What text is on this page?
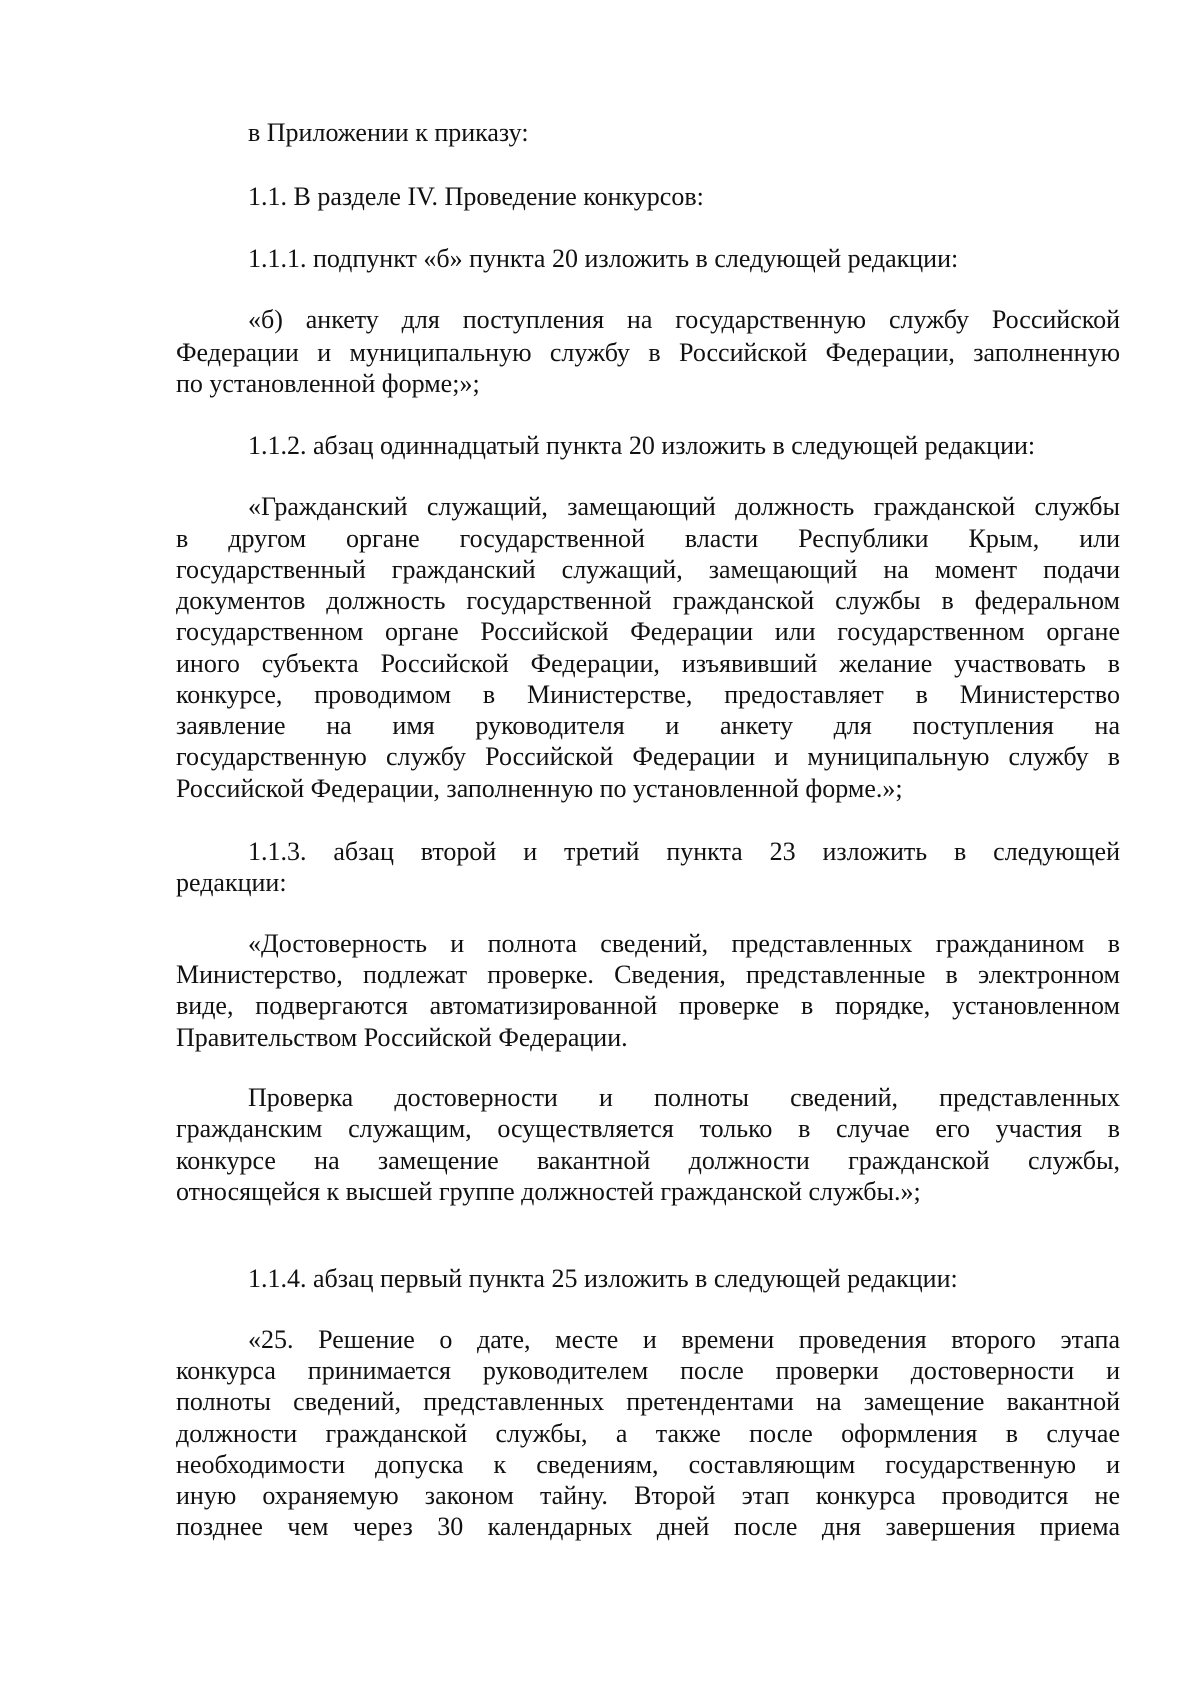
в Приложении к приказу:
1.1. В разделе IV. Проведение конкурсов:
1.1.1. подпункт «б» пункта 20 изложить в следующей редакции:
«б) анкету для поступления на государственную службу Российской
Федерации и муниципальную службу в Российской Федерации, заполненную
по установленной форме;»;
1.1.2. абзац одиннадцатый пункта 20 изложить в следующей редакции:
«Гражданский служащий, замещающий должность гражданской службы
в другом органе государственной власти Республики Крым, или
государственный гражданский служащий, замещающий на момент подачи
документов должность государственной гражданской службы в федеральном
государственном органе Российской Федерации или государственном органе
иного субъекта Российской Федерации, изъявивший желание участвовать в
конкурсе, проводимом в Министерстве, предоставляет в Министерство
заявление на имя руководителя и анкету для поступления на
государственную службу Российской Федерации и муниципальную службу в
Российской Федерации, заполненную по установленной форме.»;
1.1.3. абзац второй и третий пункта 23 изложить в следующей
редакции:
«Достоверность и полнота сведений, представленных гражданином в
Министерство, подлежат проверке. Сведения, представленные в электронном
виде, подвергаются автоматизированной проверке в порядке, установленном
Правительством Российской Федерации.
Проверка достоверности и полноты сведений, представленных
гражданским служащим, осуществляется только в случае его участия в
конкурсе на замещение вакантной должности гражданской службы,
относящейся к высшей группе должностей гражданской службы.»;
1.1.4. абзац первый пункта 25 изложить в следующей редакции:
«25. Решение о дате, месте и времени проведения второго этапа
конкурса принимается руководителем после проверки достоверности и
полноты сведений, представленных претендентами на замещение вакантной
должности гражданской службы, а также после оформления в случае
необходимости допуска к сведениям, составляющим государственную и
иную охраняемую законом тайну. Второй этап конкурса проводится не
позднее чем через 30 календарных дней после дня завершения приема
